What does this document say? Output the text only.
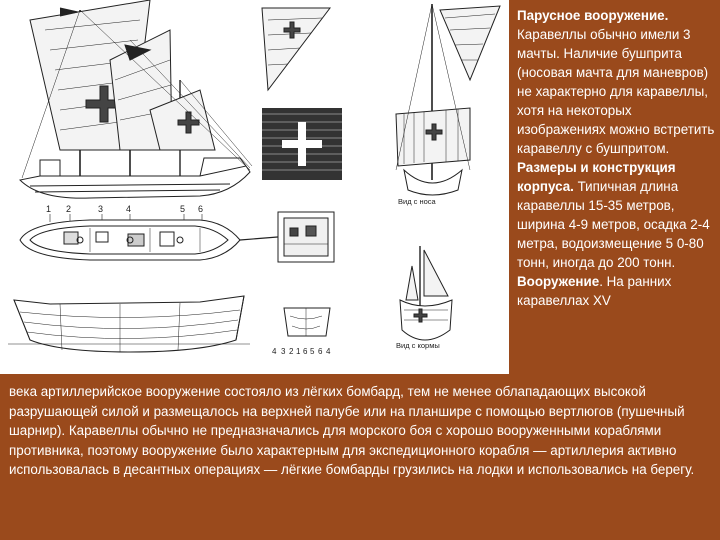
1 2	3	4	5 6
Вид с носа
Вид с кормы
4 3 2 1 6 5 6 4
Парусное вооружение. Каравеллы обычно имели 3 мачты. Наличие бушприта (носовая мачта для маневров) не характерно для каравеллы, хотя на некоторых изображениях можно встретить каравеллу с бушпритом. Размеры и конструкция корпуса. Типичная длина каравеллы 15-35 метров, ширина 4-9 метров, осадка 2-4 метра, водоизмещение 5 0-80 тонн, иногда до 200 тонн. Вооружение. На ранних каравеллах XV
века артиллерийское вооружение состояло из лёгких бомбард, тем не менее облападающих высокой разрушающей силой и размещалось на верхней палубе или на планшире с помощью вертлюгов (пушечный шарнир). Каравеллы обычно не предназначались для морского боя с хорошо вооруженными кораблями противника, поэтому вооружение было характерным для экспедиционного корабля — артиллерия активно использовалась в десантных операциях — лёгкие бомбарды грузились на лодки и использовались на берегу.
